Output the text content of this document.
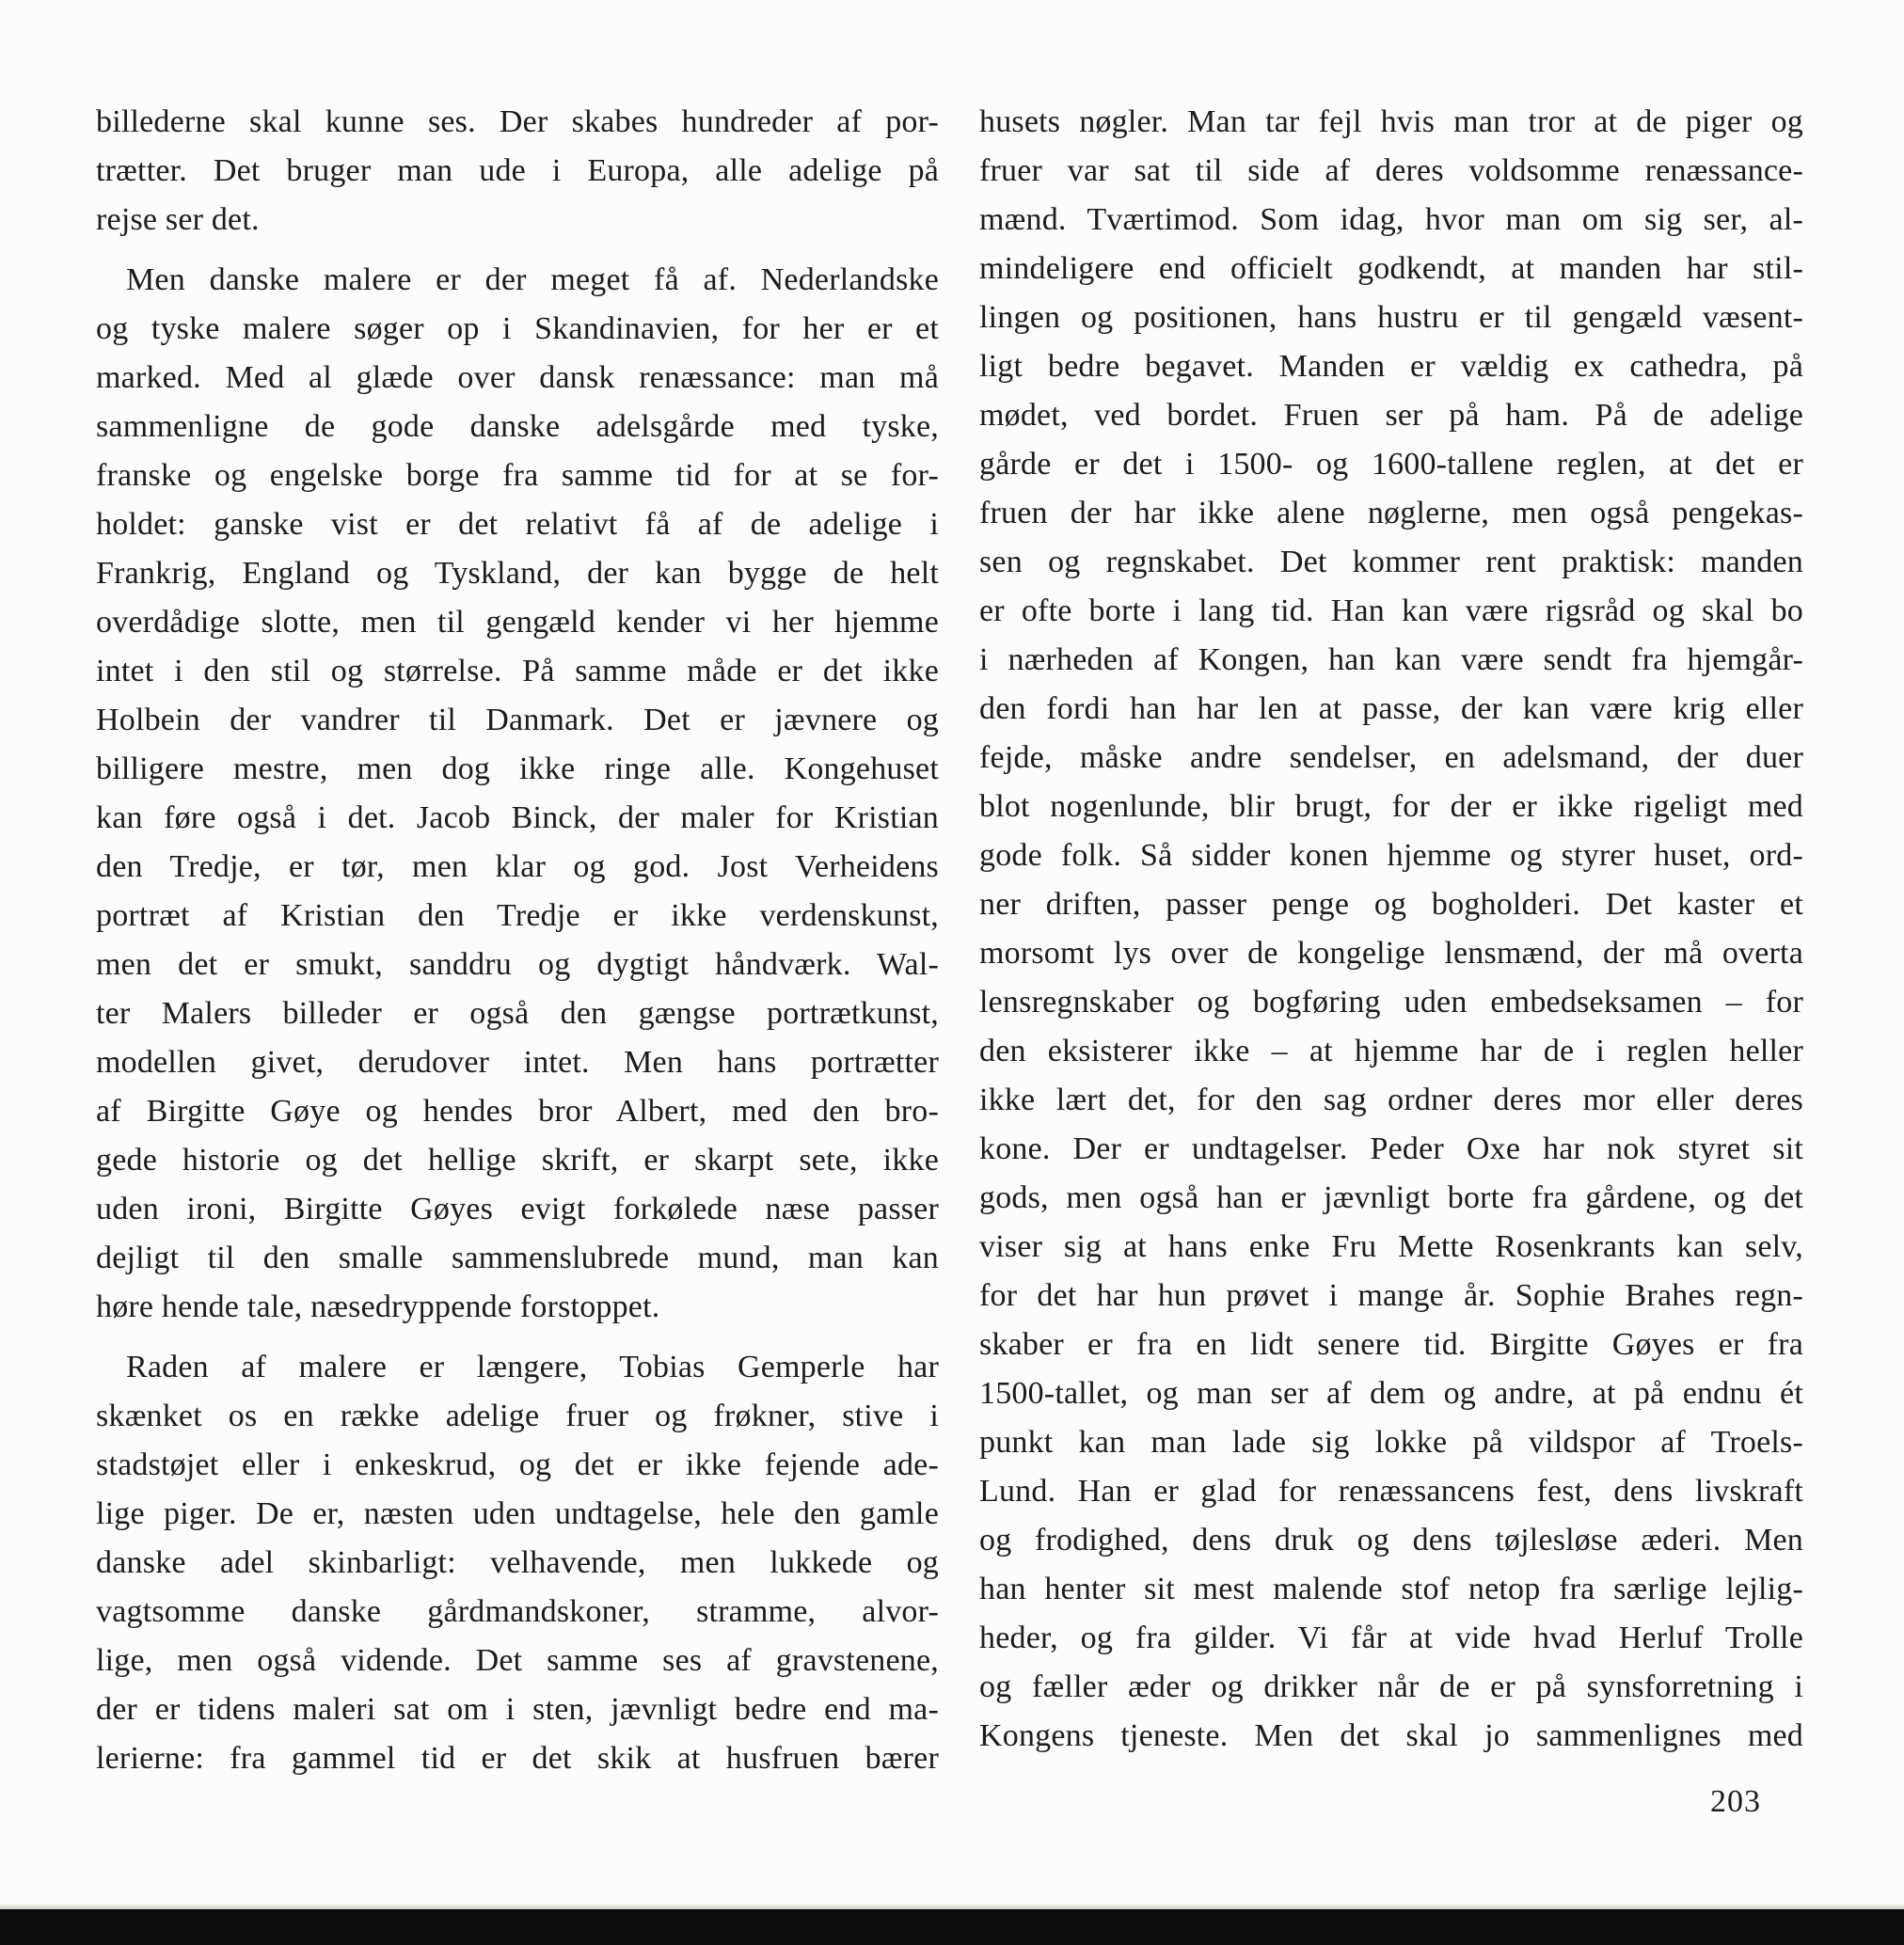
billederne skal kunne ses. Der skabes hundreder af por-
trætter. Det bruger man ude i Europa, alle adelige på
rejse ser det.
Men danske malere er der meget få af. Nederlandske
og tyske malere søger op i Skandinavien, for her er et
marked. Med al glæde over dansk renæssance: man må
sammenligne de gode danske adelsgårde med tyske,
franske og engelske borge fra samme tid for at se for-
holdet: ganske vist er det relativt få af de adelige i
Frankrig, England og Tyskland, der kan bygge de helt
overdådige slotte, men til gengæld kender vi her hjemme
intet i den stil og størrelse. På samme måde er det ikke
Holbein der vandrer til Danmark. Det er jævnere og
billigere mestre, men dog ikke ringe alle. Kongehuset
kan føre også i det. Jacob Binck, der maler for Kristian
den Tredje, er tør, men klar og god. Jost Verheidens
portræt af Kristian den Tredje er ikke verdenskunst,
men det er smukt, sanddru og dygtigt håndværk. Wal-
ter Malers billeder er også den gængse portrætkunst,
modellen givet, derudover intet. Men hans portrætter
af Birgitte Gøye og hendes bror Albert, med den bro-
gede historie og det hellige skrift, er skarpt sete, ikke
uden ironi, Birgitte Gøyes evigt forkølede næse passer
dejligt til den smalle sammenslubrede mund, man kan
høre hende tale, næsedryppende forstoppet.
Raden af malere er længere, Tobias Gemperle har
skænket os en række adelige fruer og frøkner, stive i
stadstøjet eller i enkeskrud, og det er ikke fejende ade-
lige piger. De er, næsten uden undtagelse, hele den gamle
danske adel skinbarligt: velhavende, men lukkede og
vagtsomme danske gårdmandskoner, stramme, alvor-
lige, men også vidende. Det samme ses af gravstenene,
der er tidens maleri sat om i sten, jævnligt bedre end ma-
lerierne: fra gammel tid er det skik at husfruen bærer
husets nøgler. Man tar fejl hvis man tror at de piger og
fruer var sat til side af deres voldsomme renæssance-
mænd. Tværtimod. Som idag, hvor man om sig ser, al-
mindeligere end officielt godkendt, at manden har stil-
lingen og positionen, hans hustru er til gengæld væsent-
ligt bedre begavet. Manden er vældig ex cathedra, på
mødet, ved bordet. Fruen ser på ham. På de adelige
gårde er det i 1500- og 1600-tallene reglen, at det er
fruen der har ikke alene nøglerne, men også pengekas-
sen og regnskabet. Det kommer rent praktisk: manden
er ofte borte i lang tid. Han kan være rigsråd og skal bo
i nærheden af Kongen, han kan være sendt fra hjemgår-
den fordi han har len at passe, der kan være krig eller
fejde, måske andre sendelser, en adelsmand, der duer
blot nogenlunde, blir brugt, for der er ikke rigeligt med
gode folk. Så sidder konen hjemme og styrer huset, ord-
ner driften, passer penge og bogholderi. Det kaster et
morsomt lys over de kongelige lensmænd, der må overta
lensregnskaber og bogføring uden embedseksamen – for
den eksisterer ikke – at hjemme har de i reglen heller
ikke lært det, for den sag ordner deres mor eller deres
kone. Der er undtagelser. Peder Oxe har nok styret sit
gods, men også han er jævnligt borte fra gårdene, og det
viser sig at hans enke Fru Mette Rosenkrants kan selv,
for det har hun prøvet i mange år. Sophie Brahes regn-
skaber er fra en lidt senere tid. Birgitte Gøyes er fra
1500-tallet, og man ser af dem og andre, at på endnu ét
punkt kan man lade sig lokke på vildspor af Troels-
Lund. Han er glad for renæssancens fest, dens livskraft
og frodighed, dens druk og dens tøjlesløse æderi. Men
han henter sit mest malende stof netop fra særlige lejlig-
heder, og fra gilder. Vi får at vide hvad Herluf Trolle
og fæller æder og drikker når de er på synsforretning i
Kongens tjeneste. Men det skal jo sammenlignes med
203
